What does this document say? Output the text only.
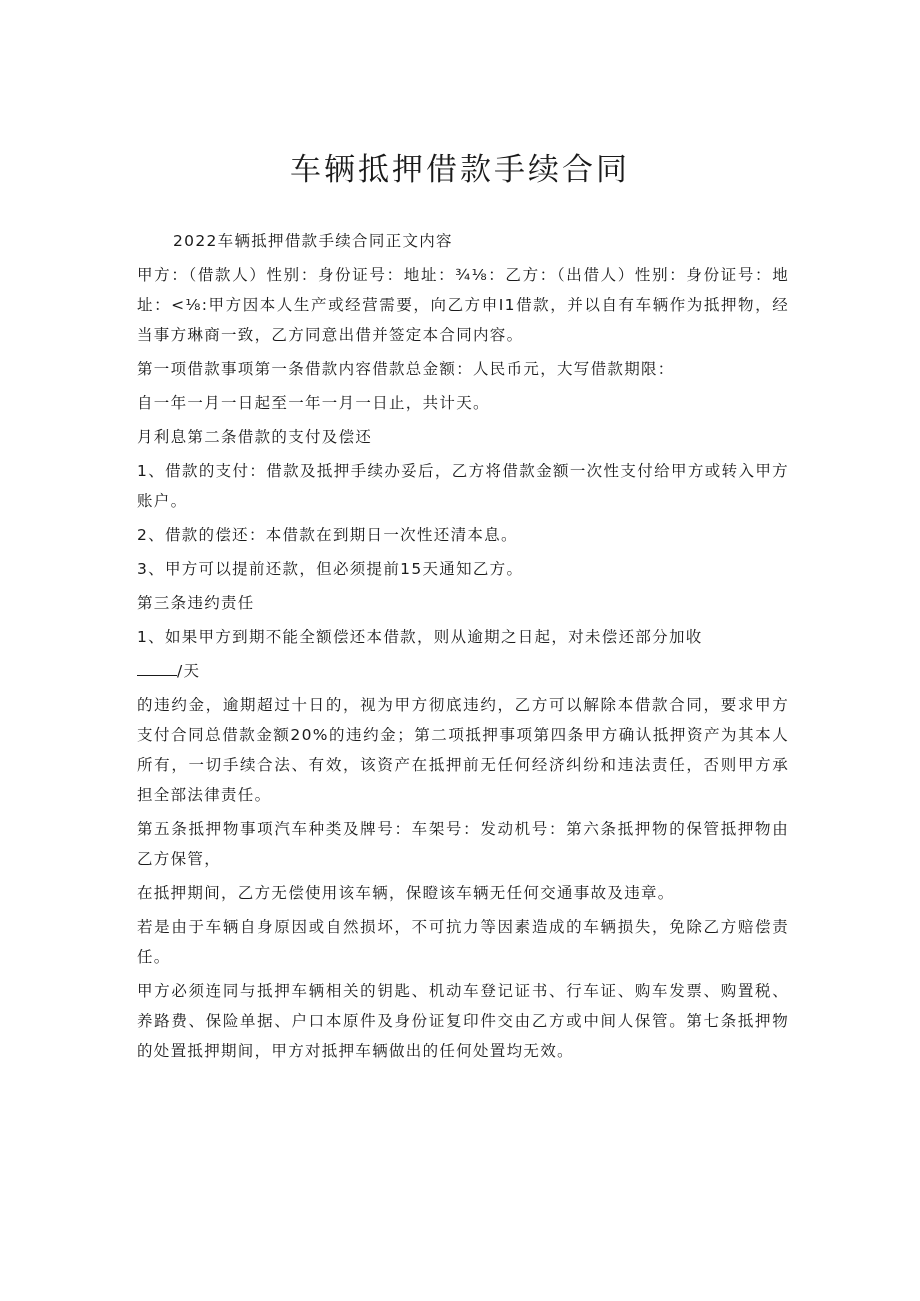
车辆抵押借款手续合同

2022车辆抵押借款手续合同正文内容

甲方：（借款人）性别：身份证号：地址：¾⅛：乙方：（出借人）性别：身份证号：地址：<⅛:甲方因本人生产或经营需要，向乙方申I1借款，并以自有车辆作为抵押物，经当事方琳商一致，乙方同意出借并签定本合同内容。

第一项借款事项第一条借款内容借款总金额：人民币元，大写借款期限：

自一年一月一日起至一年一月一日止，共计天。

月利息第二条借款的支付及偿还

1、借款的支付：借款及抵押手续办妥后，乙方将借款金额一次性支付给甲方或转入甲方账户。

2、借款的偿还：本借款在到期日一次性还清本息。

3、甲方可以提前还款，但必须提前15天通知乙方。

第三条违约责任

1、如果甲方到期不能全额偿还本借款，则从逾期之日起，对未偿还部分加收

/天

的违约金，逾期超过十日的，视为甲方彻底违约，乙方可以解除本借款合同，要求甲方支付合同总借款金额20%的违约金；第二项抵押事项第四条甲方确认抵押资产为其本人所有，一切手续合法、有效，该资产在抵押前无任何经济纠纷和违法责任，否则甲方承担全部法律责任。

第五条抵押物事项汽车种类及牌号：车架号：发动机号：第六条抵押物的保管抵押物由乙方保管，

在抵押期间，乙方无偿使用该车辆，保瞪该车辆无任何交通事故及违章。

若是由于车辆自身原因或自然损坏，不可抗力等因素造成的车辆损失，免除乙方赔偿责任。

甲方必须连同与抵押车辆相关的钥匙、机动车登记证书、行车证、购车发票、购置税、养路费、保险单据、户口本原件及身份证复印件交由乙方或中间人保管。第七条抵押物的处置抵押期间，甲方对抵押车辆做出的任何处置均无效。
